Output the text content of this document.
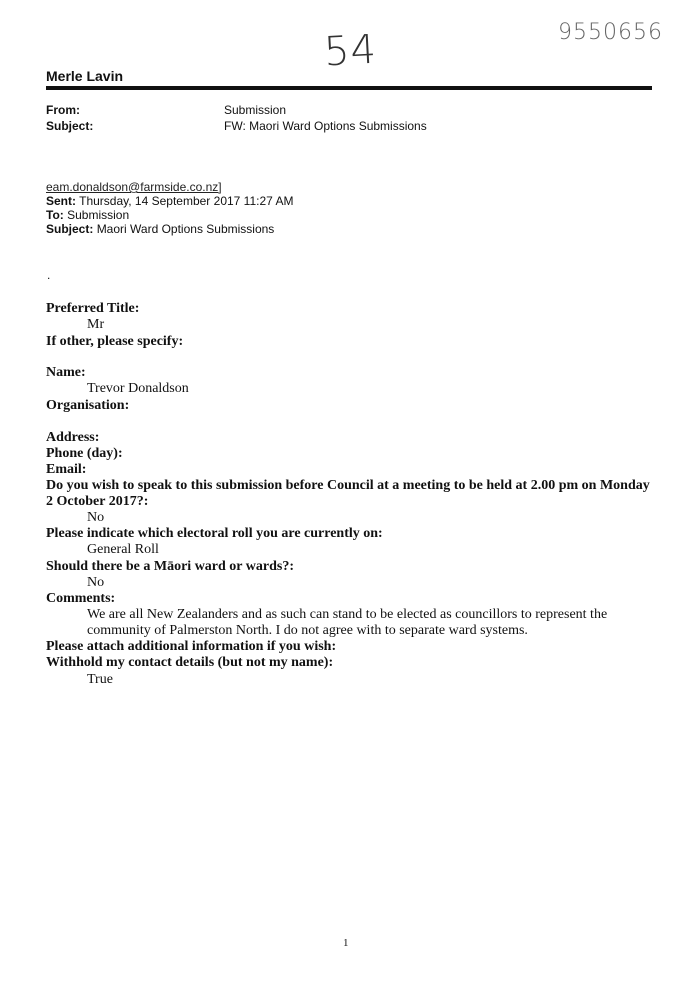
54	9550656
Merle Lavin
From:	Submission
Subject:	FW: Maori Ward Options Submissions
eam.donaldson@farmside.co.nz]
Sent: Thursday, 14 September 2017 11:27 AM
To: Submission
Subject: Maori Ward Options Submissions
.
Preferred Title:
Mr
If other, please specify:
Name:
Trevor Donaldson
Organisation:
Address:
Phone (day):
Email:
Do you wish to speak to this submission before Council at a meeting to be held at 2.00 pm on Monday 2 October 2017?:
No
Please indicate which electoral roll you are currently on:
General Roll
Should there be a Māori ward or wards?:
No
Comments:
We are all New Zealanders and as such can stand to be elected as councillors to represent the community of Palmerston North. I do not agree with to separate ward systems.
Please attach additional information if you wish:
Withhold my contact details (but not my name):
True
1
